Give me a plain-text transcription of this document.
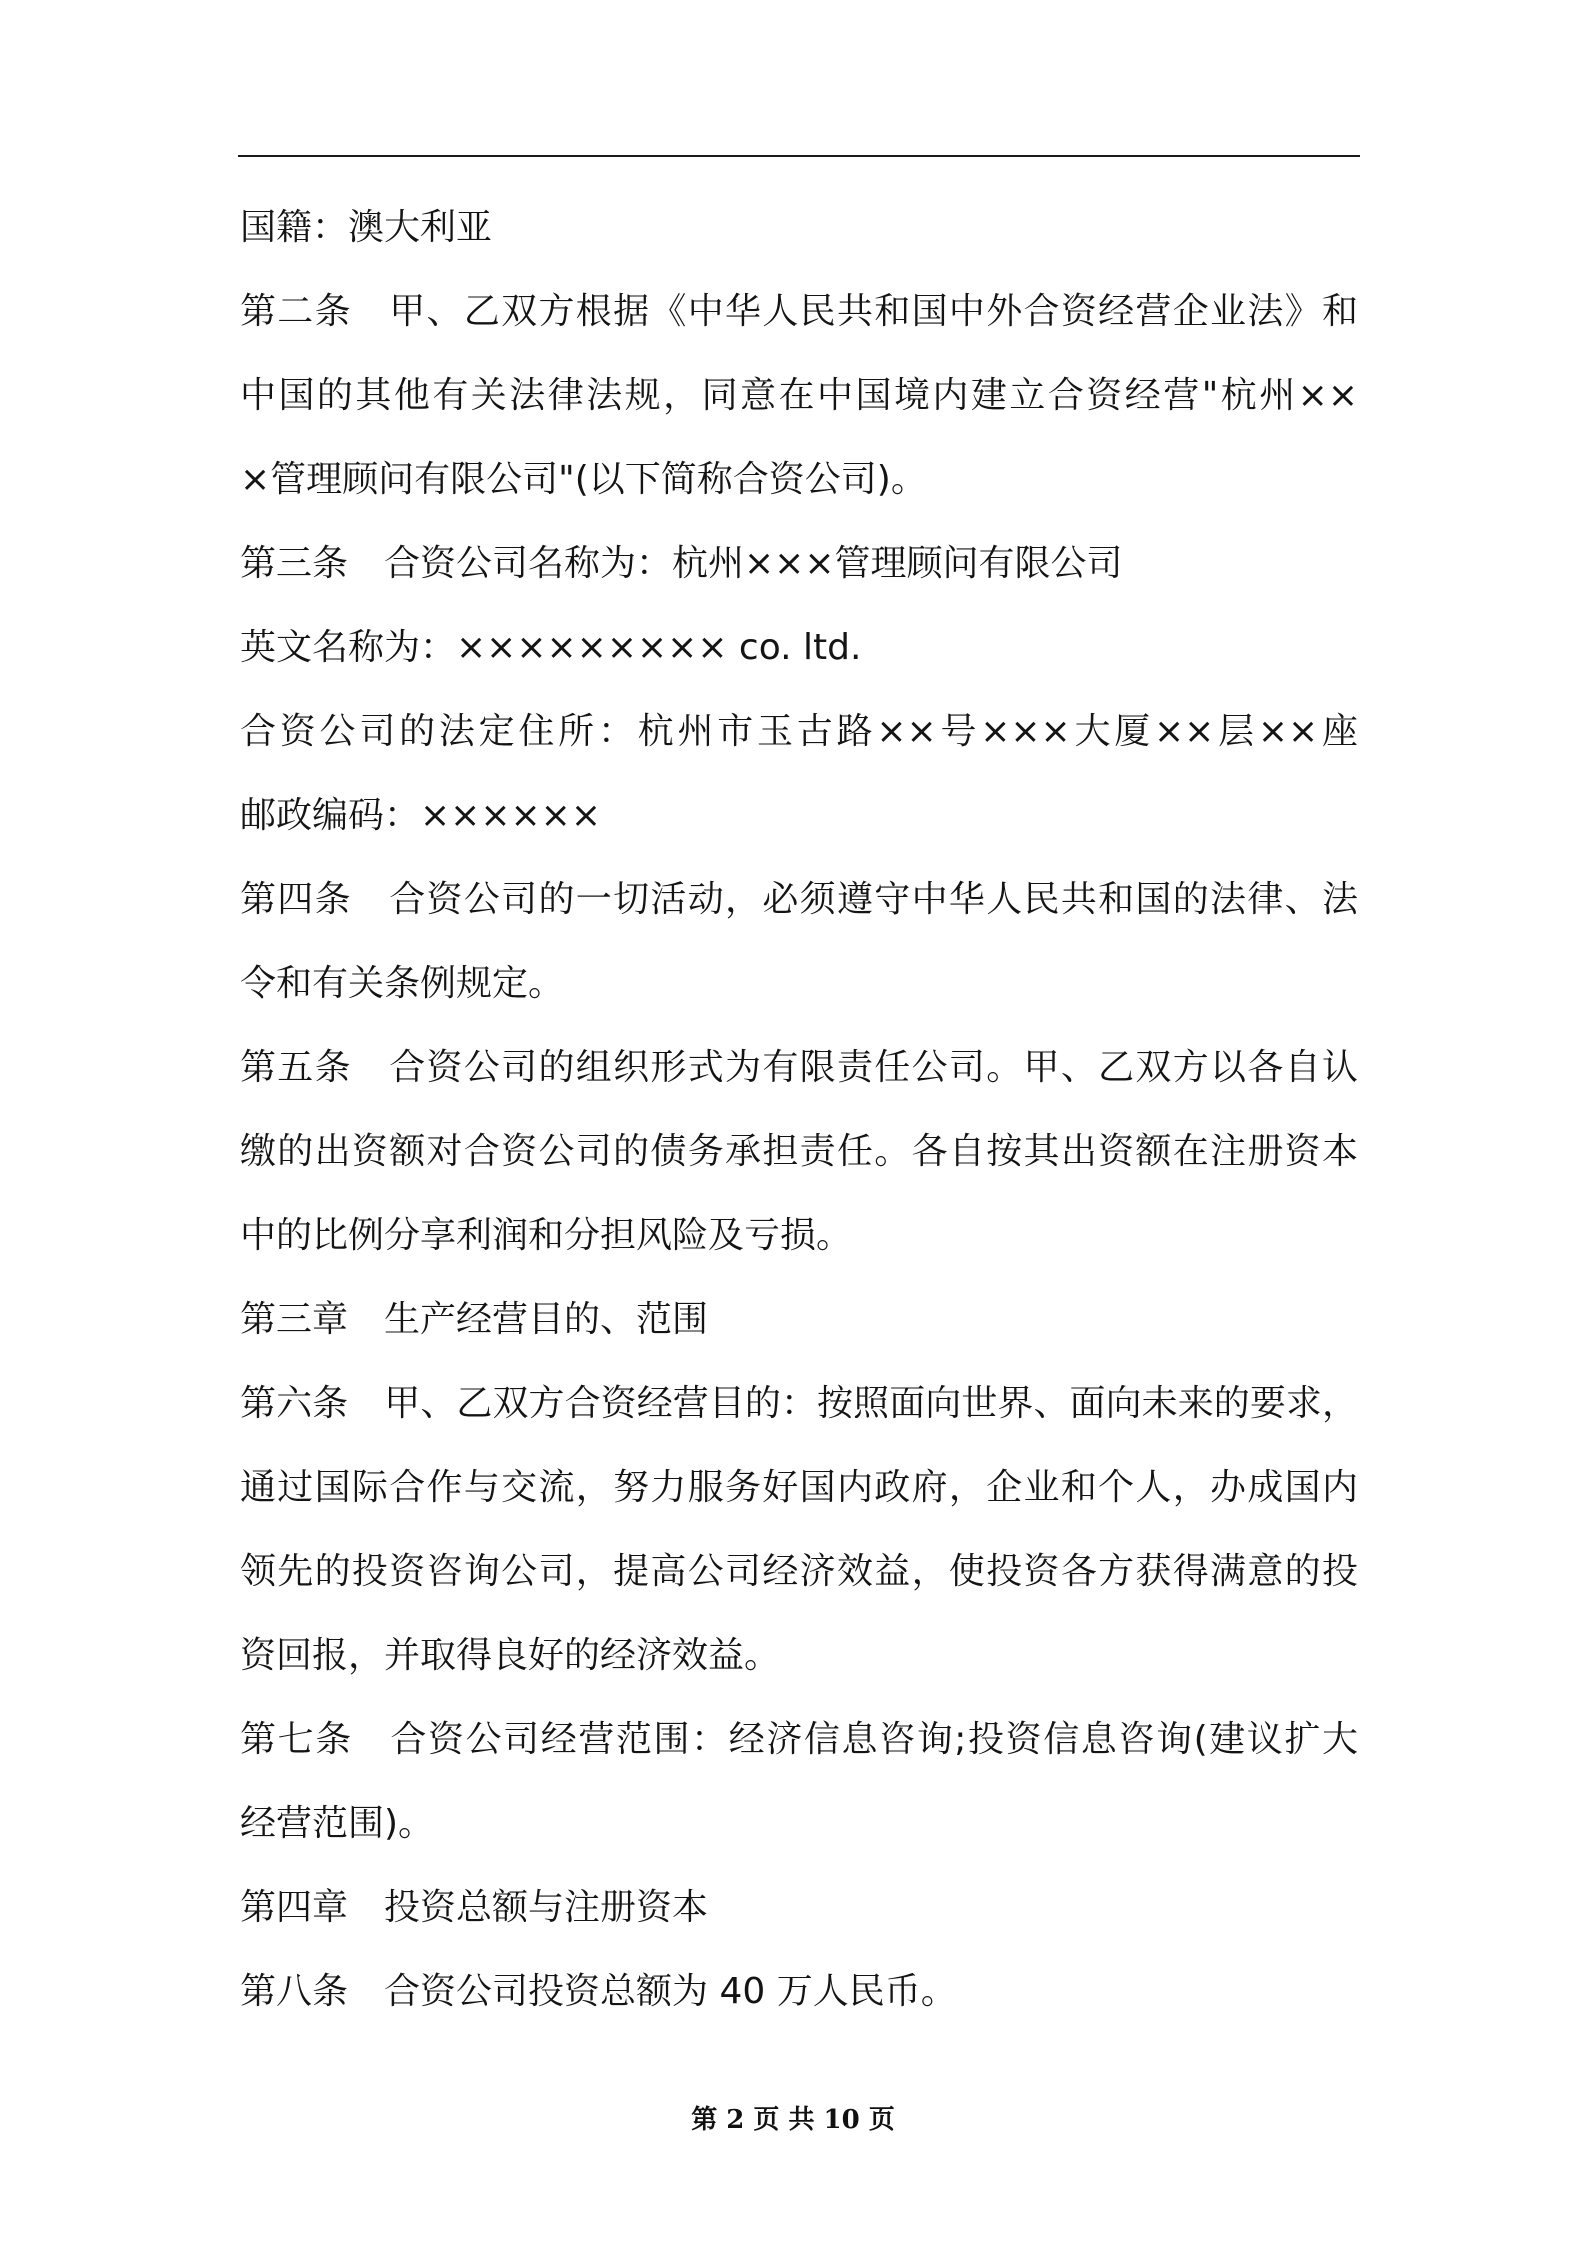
国籍：澳大利亚
第二条　甲、乙双方根据《中华人民共和国中外合资经营企业法》和
中国的其他有关法律法规，同意在中国境内建立合资经营"杭州××
×管理顾问有限公司"(以下简称合资公司)。
第三条　合资公司名称为：杭州×××管理顾问有限公司
英文名称为：××××××××× co. ltd.
合资公司的法定住所：杭州市玉古路××号×××大厦××层××座
邮政编码：××××××
第四条　合资公司的一切活动，必须遵守中华人民共和国的法律、法
令和有关条例规定。
第五条　合资公司的组织形式为有限责任公司。甲、乙双方以各自认
缴的出资额对合资公司的债务承担责任。各自按其出资额在注册资本
中的比例分享利润和分担风险及亏损。
第三章　生产经营目的、范围
第六条　甲、乙双方合资经营目的：按照面向世界、面向未来的要求，
通过国际合作与交流，努力服务好国内政府，企业和个人，办成国内
领先的投资咨询公司，提高公司经济效益，使投资各方获得满意的投
资回报，并取得良好的经济效益。
第七条　合资公司经营范围：经济信息咨询;投资信息咨询(建议扩大
经营范围)。
第四章　投资总额与注册资本
第八条　合资公司投资总额为 40 万人民币。
第 2 页 共 10 页
